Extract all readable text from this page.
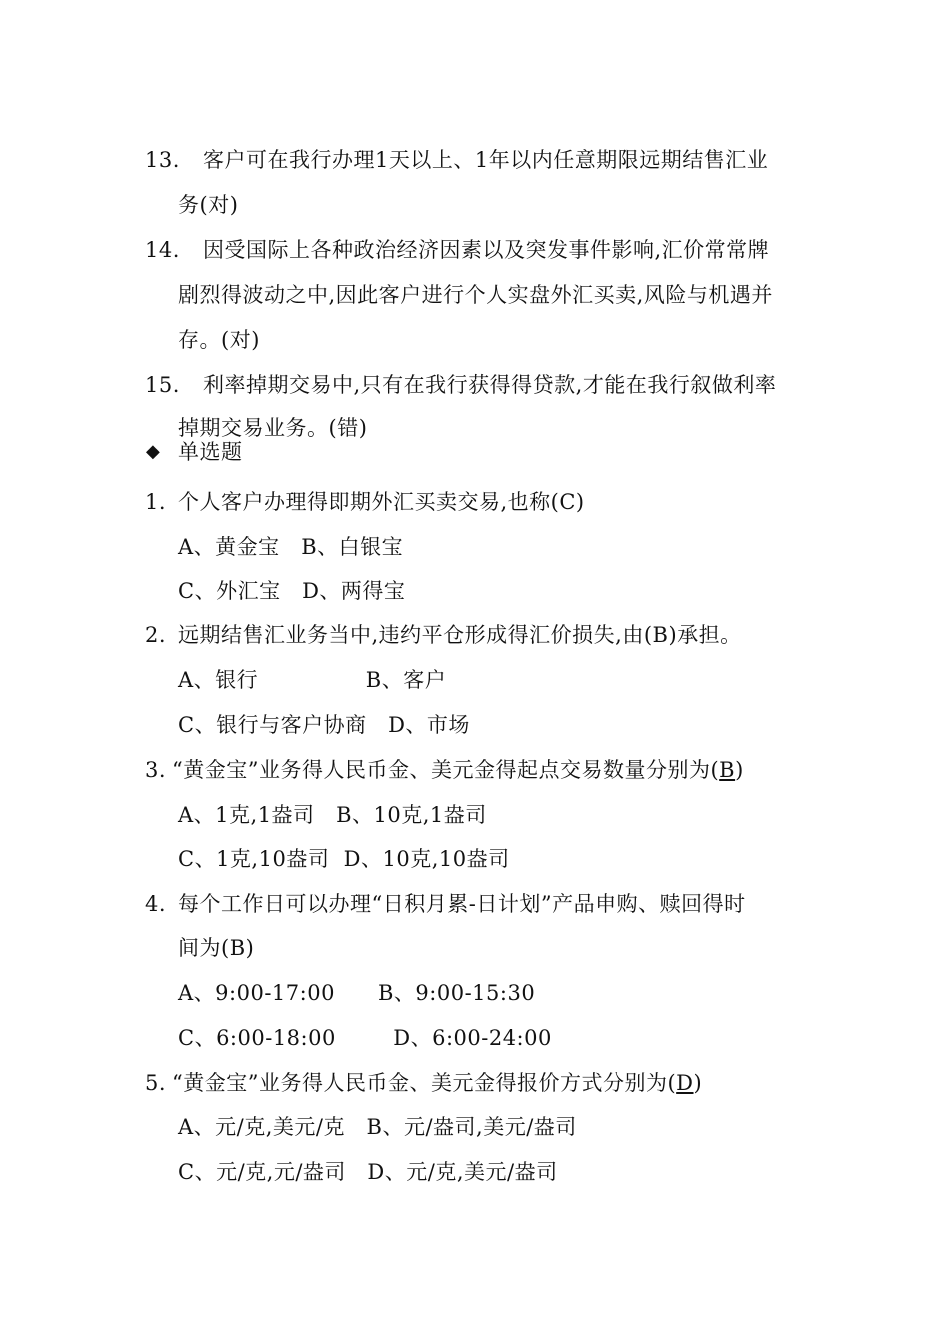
13. 客户可在我行办理1天以上、1年以内任意期限远期结售汇业
务(对)
14. 因受国际上各种政治经济因素以及突发事件影响,汇价常常牌
剧烈得波动之中,因此客户进行个人实盘外汇买卖,风险与机遇并
存。(对)
15. 利率掉期交易中,只有在我行获得得贷款,才能在我行叙做利率
掉期交易业务。(错)
◆ 单选题
1. 个人客户办理得即期外汇买卖交易,也称(C)
A、黄金宝   B、白银宝
C、外汇宝   D、两得宝
2. 远期结售汇业务当中,违约平仓形成得汇价损失,由(B)承担。
A、银行               B、客户
C、银行与客户协商   D、市场
3. “黄金宝”业务得人民币金、美元金得起点交易数量分别为(B)
A、1克,1盎司   B、10克,1盎司
C、1克,10盎司  D、10克,10盎司
4. 每个工作日可以办理“日积月累-日计划”产品申购、赎回得时
间为(B)
A、9:00-17:00      B、9:00-15:30
C、6:00-18:00        D、6:00-24:00
5. “黄金宝”业务得人民币金、美元金得报价方式分别为(D)
A、元/克,美元/克   B、元/盎司,美元/盎司
C、元/克,元/盎司   D、元/克,美元/盎司
